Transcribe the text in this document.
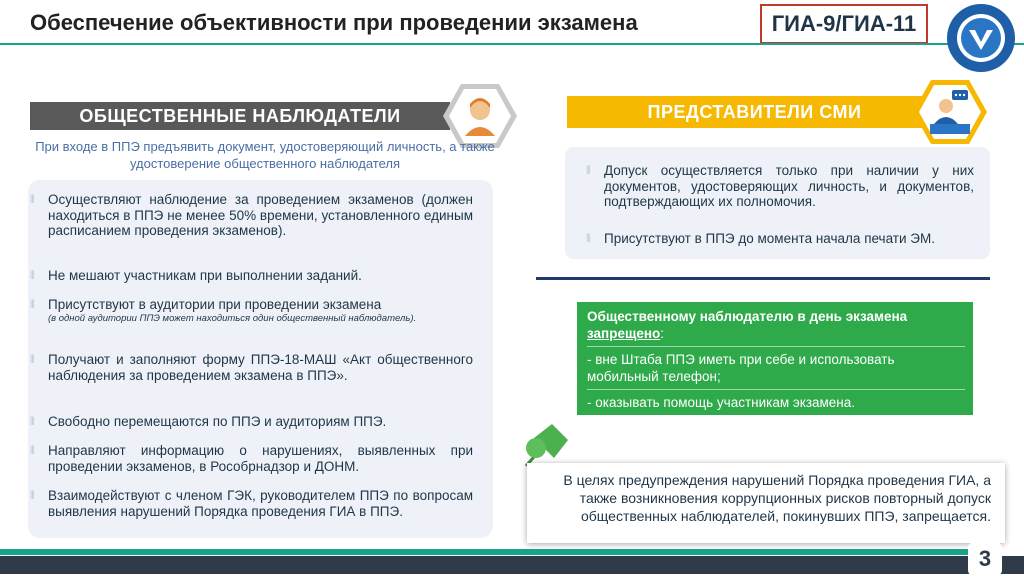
Обеспечение объективности при проведении экзамена	ГИА-9/ГИА-11
ОБЩЕСТВЕННЫЕ НАБЛЮДАТЕЛИ
При входе в ППЭ предъявить документ, удостоверяющий личность, а также удостоверение общественного наблюдателя
⦀ Осуществляют наблюдение за проведением экзаменов (должен находиться в ППЭ не менее 50% времени, установленного единым расписанием проведения экзаменов).
⦀ Не мешают участникам при выполнении заданий.
⦀ Присутствуют в аудитории при проведении экзамена
(в одной аудитории ППЭ может находиться один общественный наблюдатель).
⦀ Получают и заполняют форму ППЭ-18-МАШ «Акт общественного наблюдения за проведением экзамена в ППЭ».
⦀ Свободно перемещаются по ППЭ и аудиториям ППЭ.
⦀ Направляют информацию о нарушениях, выявленных при проведении экзаменов, в Рособрнадзор и ДОНМ.
⦀ Взаимодействуют с членом ГЭК, руководителем ППЭ по вопросам выявления нарушений Порядка проведения ГИА в ППЭ.
ПРЕДСТАВИТЕЛИ СМИ
⦀ Допуск осуществляется только при наличии у них документов, удостоверяющих личность, и документов, подтверждающих их полномочия.
⦀ Присутствуют в ППЭ до момента начала печати ЭМ.
Общественному наблюдателю в день экзамена
запрещено:
- вне Штаба ППЭ иметь при себе и использовать мобильный телефон;
- оказывать помощь участникам экзамена.
В целях предупреждения нарушений Порядка проведения ГИА, а также возникновения коррупционных рисков повторный допуск общественных наблюдателей, покинувших ППЭ, запрещается.
3
